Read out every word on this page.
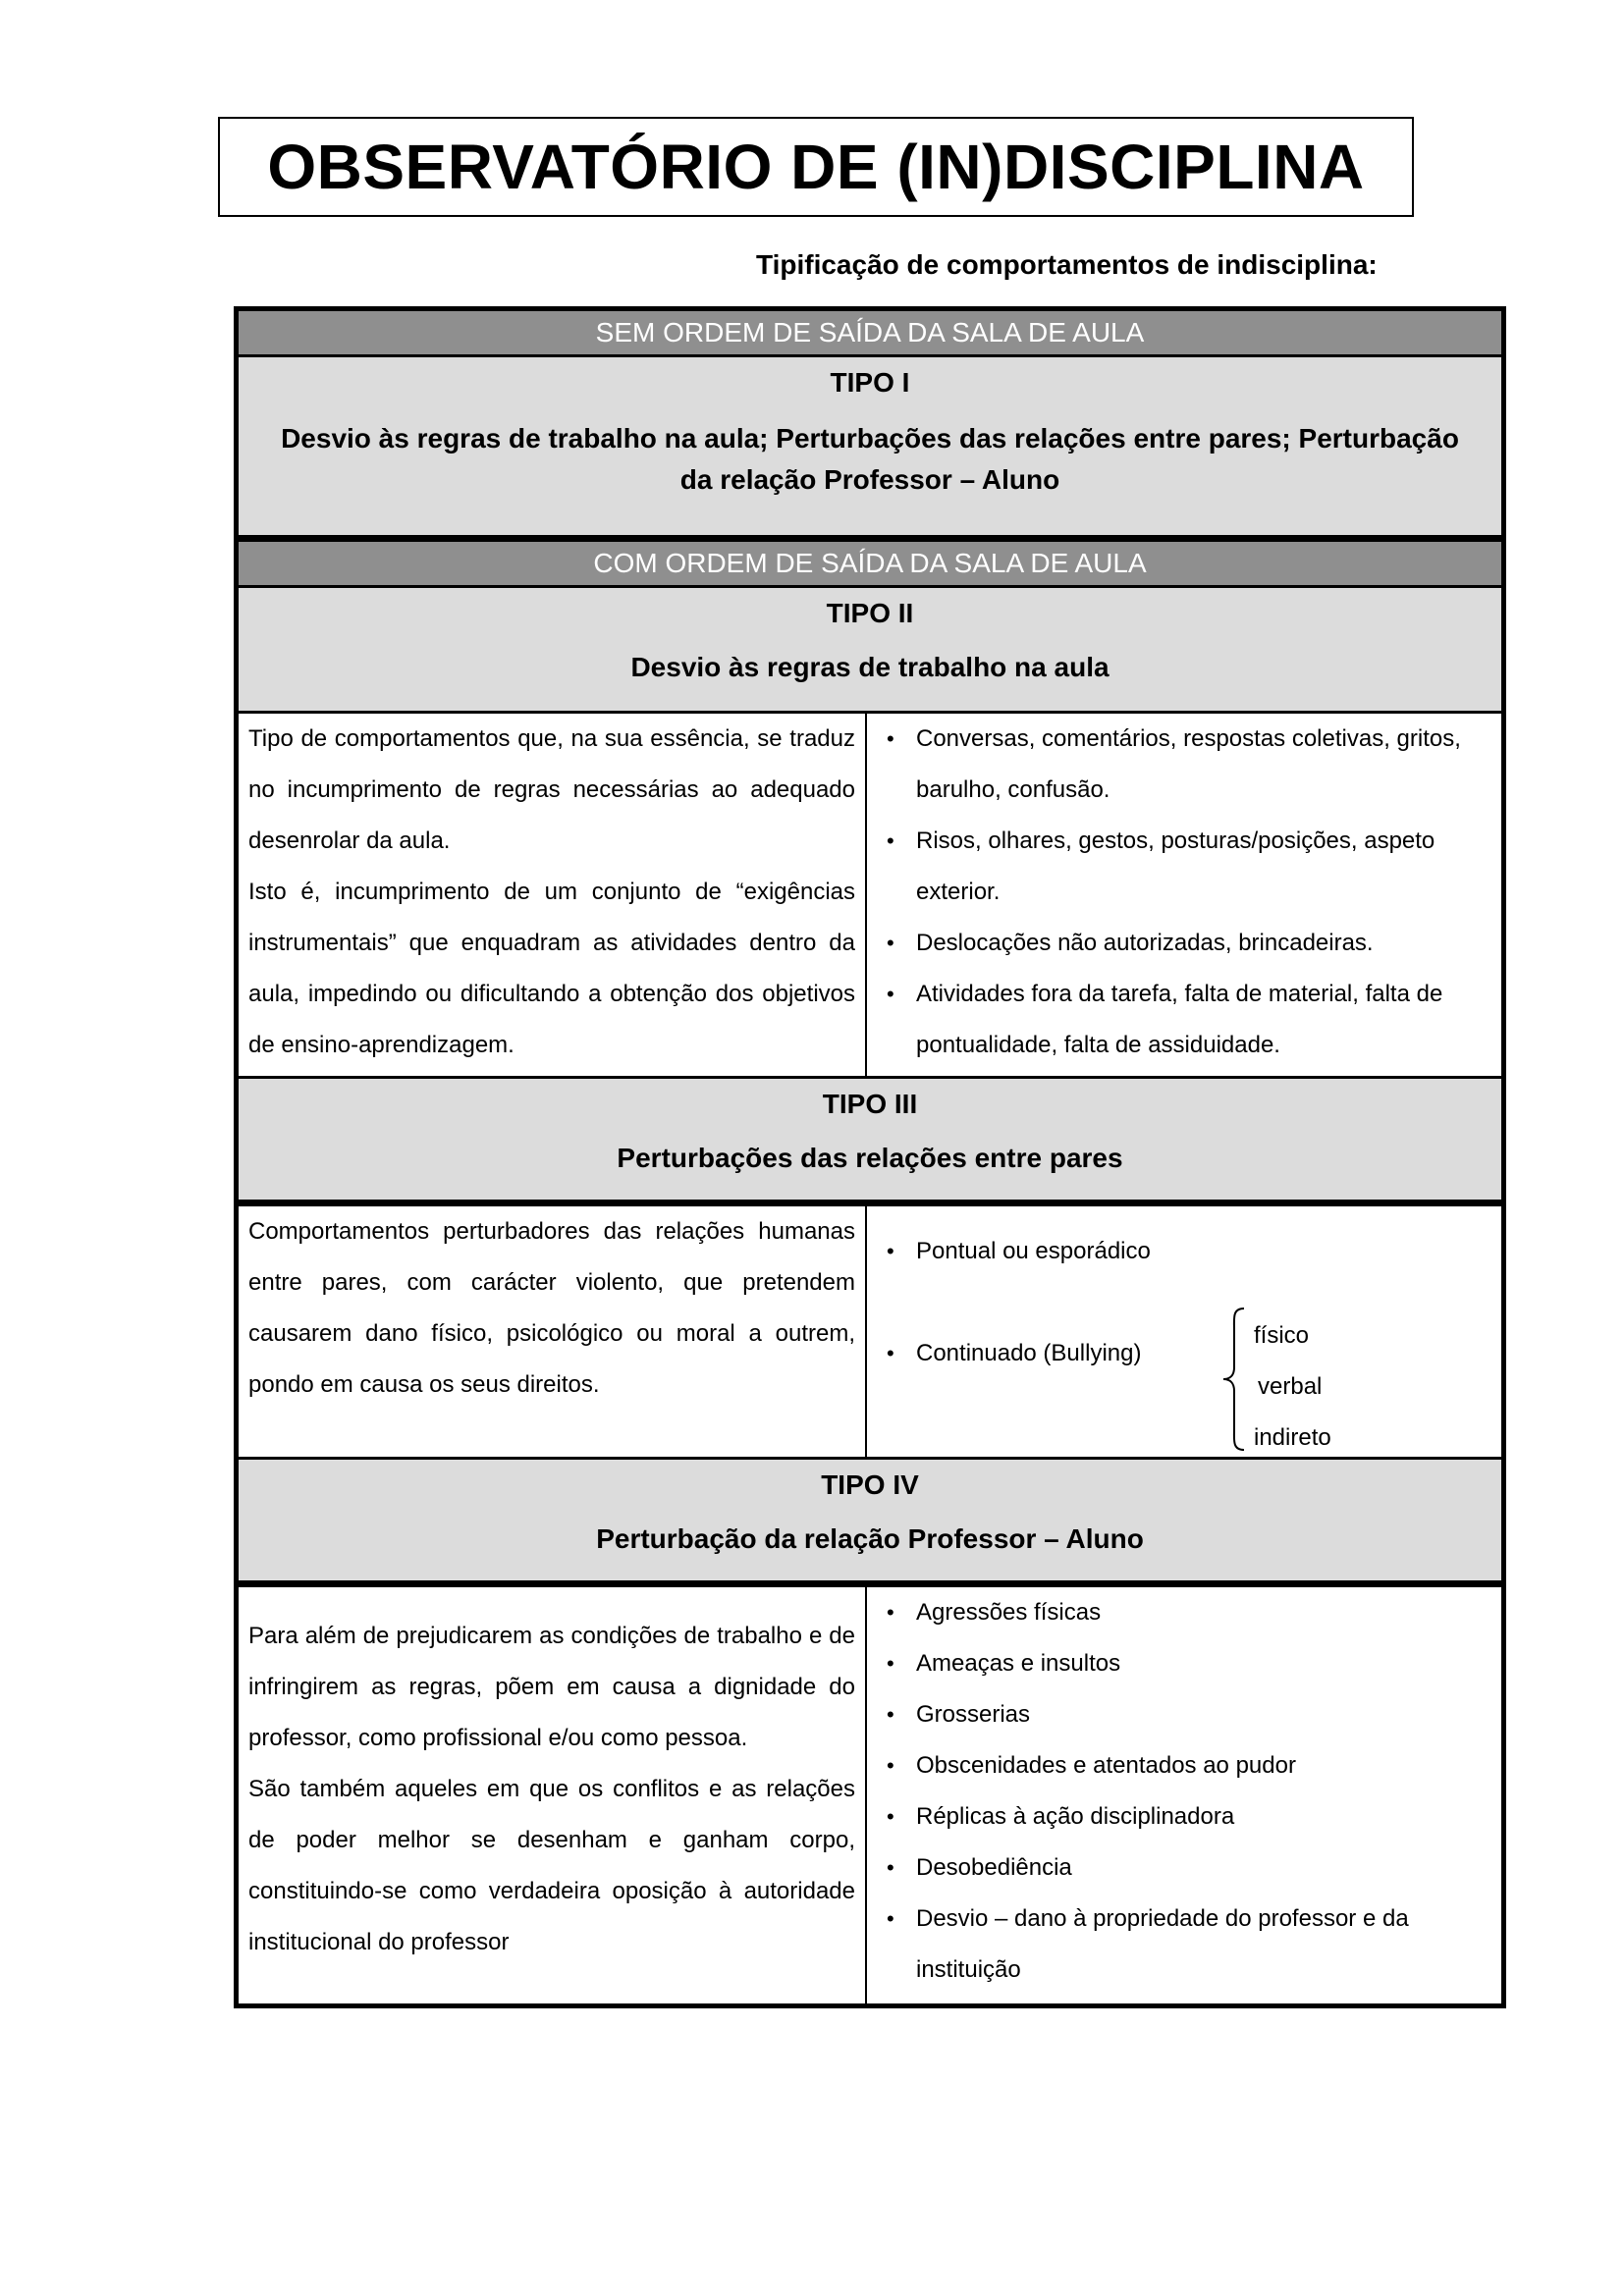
OBSERVATÓRIO DE (IN)DISCIPLINA
Tipificação de comportamentos de indisciplina:
SEM ORDEM DE SAÍDA DA SALA DE AULA
TIPO I
Desvio às regras de trabalho na aula; Perturbações das relações entre pares; Perturbação
da relação Professor – Aluno
COM ORDEM DE SAÍDA DA SALA DE AULA
TIPO II
Desvio às regras de trabalho na aula
Tipo de comportamentos que, na sua essência, se traduz no incumprimento de regras necessárias ao adequado desenrolar da aula.
Isto é, incumprimento de um conjunto de “exigências instrumentais” que enquadram as atividades dentro da aula, impedindo ou dificultando a obtenção dos objetivos de ensino-aprendizagem.
• Conversas, comentários, respostas coletivas, gritos, barulho, confusão.
• Risos, olhares, gestos, posturas/posições, aspeto exterior.
• Deslocações não autorizadas, brincadeiras.
• Atividades fora da tarefa, falta de material, falta de pontualidade, falta de assiduidade.
TIPO III
Perturbações das relações entre pares
Comportamentos perturbadores das relações humanas entre pares, com carácter violento, que pretendem causarem dano físico, psicológico ou moral a outrem, pondo em causa os seus direitos.
• Pontual ou esporádico
• Continuado (Bullying)
físico
verbal
indireto
TIPO IV
Perturbação da relação Professor – Aluno
Para além de prejudicarem as condições de trabalho e de infringirem as regras, põem em causa a dignidade do professor, como profissional e/ou como pessoa.
São também aqueles em que os conflitos e as relações de poder melhor se desenham e ganham corpo, constituindo-se como verdadeira oposição à autoridade institucional do professor
• Agressões físicas
• Ameaças e insultos
• Grosserias
• Obscenidades e atentados ao pudor
• Réplicas à ação disciplinadora
• Desobediência
• Desvio – dano à propriedade do professor e da instituição
